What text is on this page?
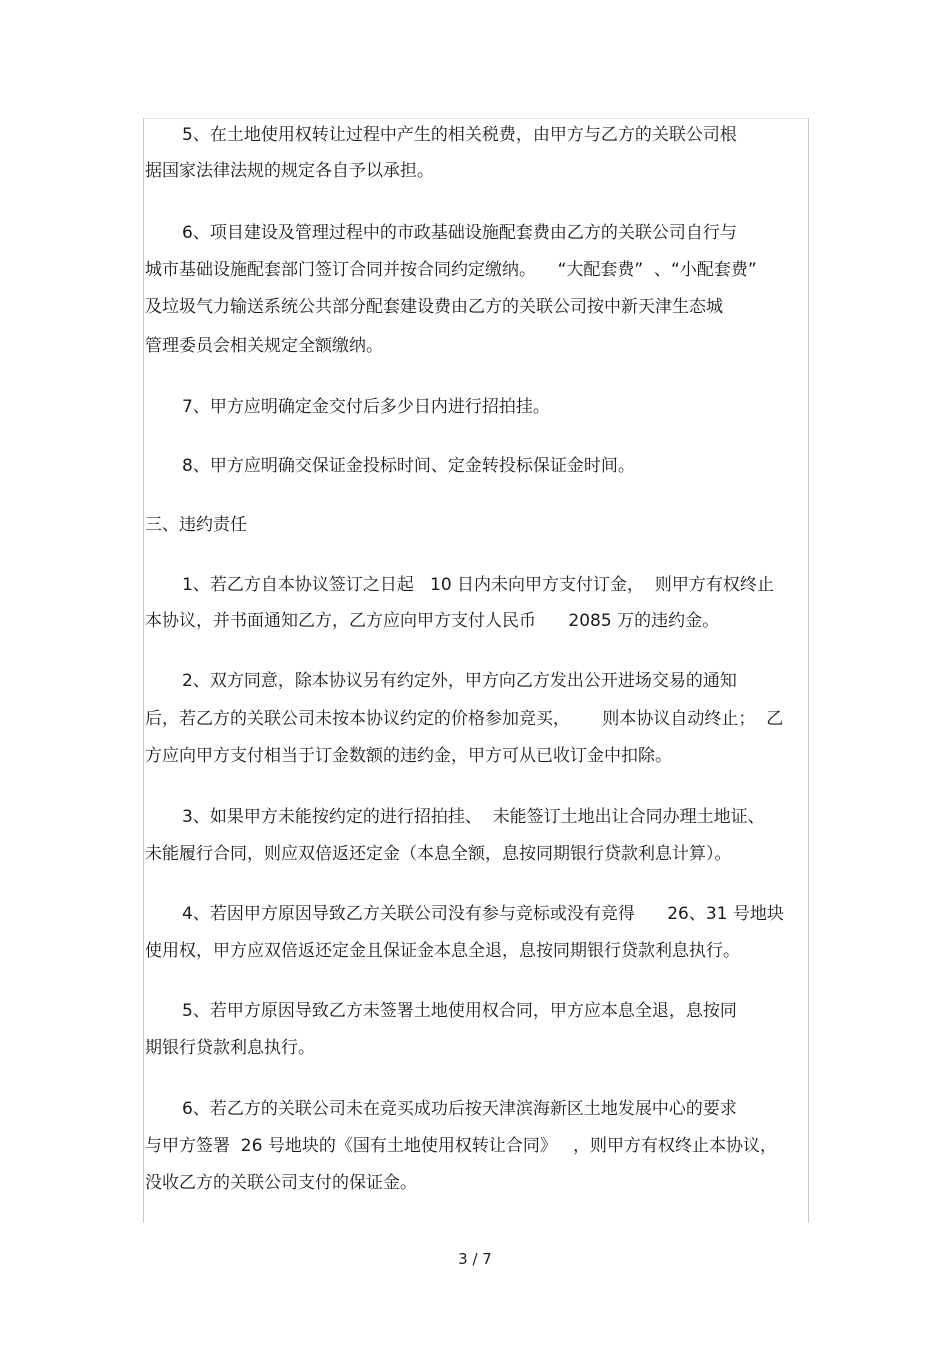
5、在土地使用权转让过程中产生的相关税费，由甲方与乙方的关联公司根
据国家法律法规的规定各自予以承担。
6、项目建设及管理过程中的市政基础设施配套费由乙方的关联公司自行与
城市基础设施配套部门签订合同并按合同约定缴纳。    “大配套费”  、“小配套费”
及垃圾气力输送系统公共部分配套建设费由乙方的关联公司按中新天津生态城
管理委员会相关规定全额缴纳。
7、甲方应明确定金交付后多少日内进行招拍挂。
8、甲方应明确交保证金投标时间、定金转投标保证金时间。
三、违约责任
1、若乙方自本协议签订之日起   10 日内未向甲方支付订金，  则甲方有权终止
本协议，并书面通知乙方，乙方应向甲方支付人民币      2085 万的违约金。
2、双方同意，除本协议另有约定外，甲方向乙方发出公开进场交易的通知
后，若乙方的关联公司未按本协议约定的价格参加竞买，      则本协议自动终止；  乙
方应向甲方支付相当于订金数额的违约金，甲方可从已收订金中扣除。
3、如果甲方未能按约定的进行招拍挂、  未能签订土地出让合同办理土地证、
未能履行合同，则应双倍返还定金（本息全额，息按同期银行贷款利息计算）。
4、若因甲方原因导致乙方关联公司没有参与竞标或没有竞得      26、31 号地块
使用权，甲方应双倍返还定金且保证金本息全退，息按同期银行贷款利息执行。
5、若甲方原因导致乙方未签署土地使用权合同，甲方应本息全退，息按同
期银行贷款利息执行。
6、若乙方的关联公司未在竞买成功后按天津滨海新区土地发展中心的要求
与甲方签署  26 号地块的《国有土地使用权转让合同》   ，则甲方有权终止本协议，
没收乙方的关联公司支付的保证金。
3 / 7
